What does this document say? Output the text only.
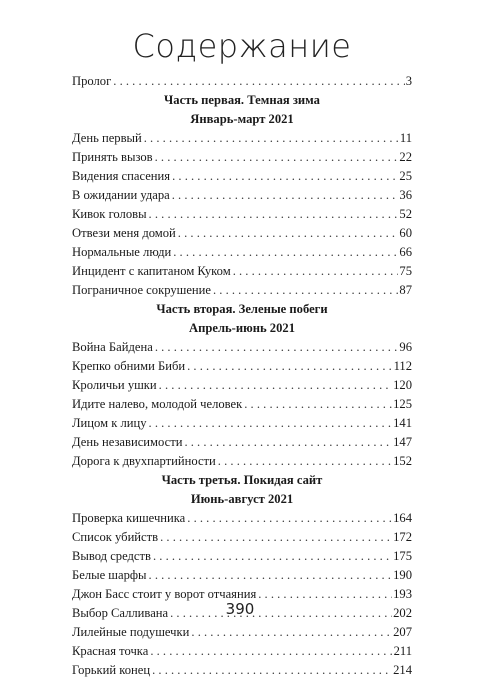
Содержание
Пролог . . .	3
Часть первая. Темная зима
Январь-март 2021
День первый . . .	11
Принять вызов . . .	22
Видения спасения . . .	25
В ожидании удара . . .	36
Кивок головы . . .	52
Отвези меня домой . . .	60
Нормальные люди . . .	66
Инцидент с капитаном Куком . . .	75
Пограничное сокрушение . . .	87
Часть вторая. Зеленые побеги
Апрель-июнь 2021
Война Байдена . . .	96
Крепко обними Биби . . .	112
Кроличьи ушки . . .	120
Идите налево, молодой человек . . .	125
Лицом к лицу . . .	141
День независимости . . .	147
Дорога к двухпартийности . . .	152
Часть третья. Покидая сайт
Июнь-август 2021
Проверка кишечника . . .	164
Список убийств . . .	172
Вывод средств . . .	175
Белые шарфы . . .	190
Джон Басс стоит у ворот отчаяния . . .	193
Выбор Салливана . . .	202
Лилейные подушечки . . .	207
Красная точка . . .	211
Горький конец . . .	214
390
